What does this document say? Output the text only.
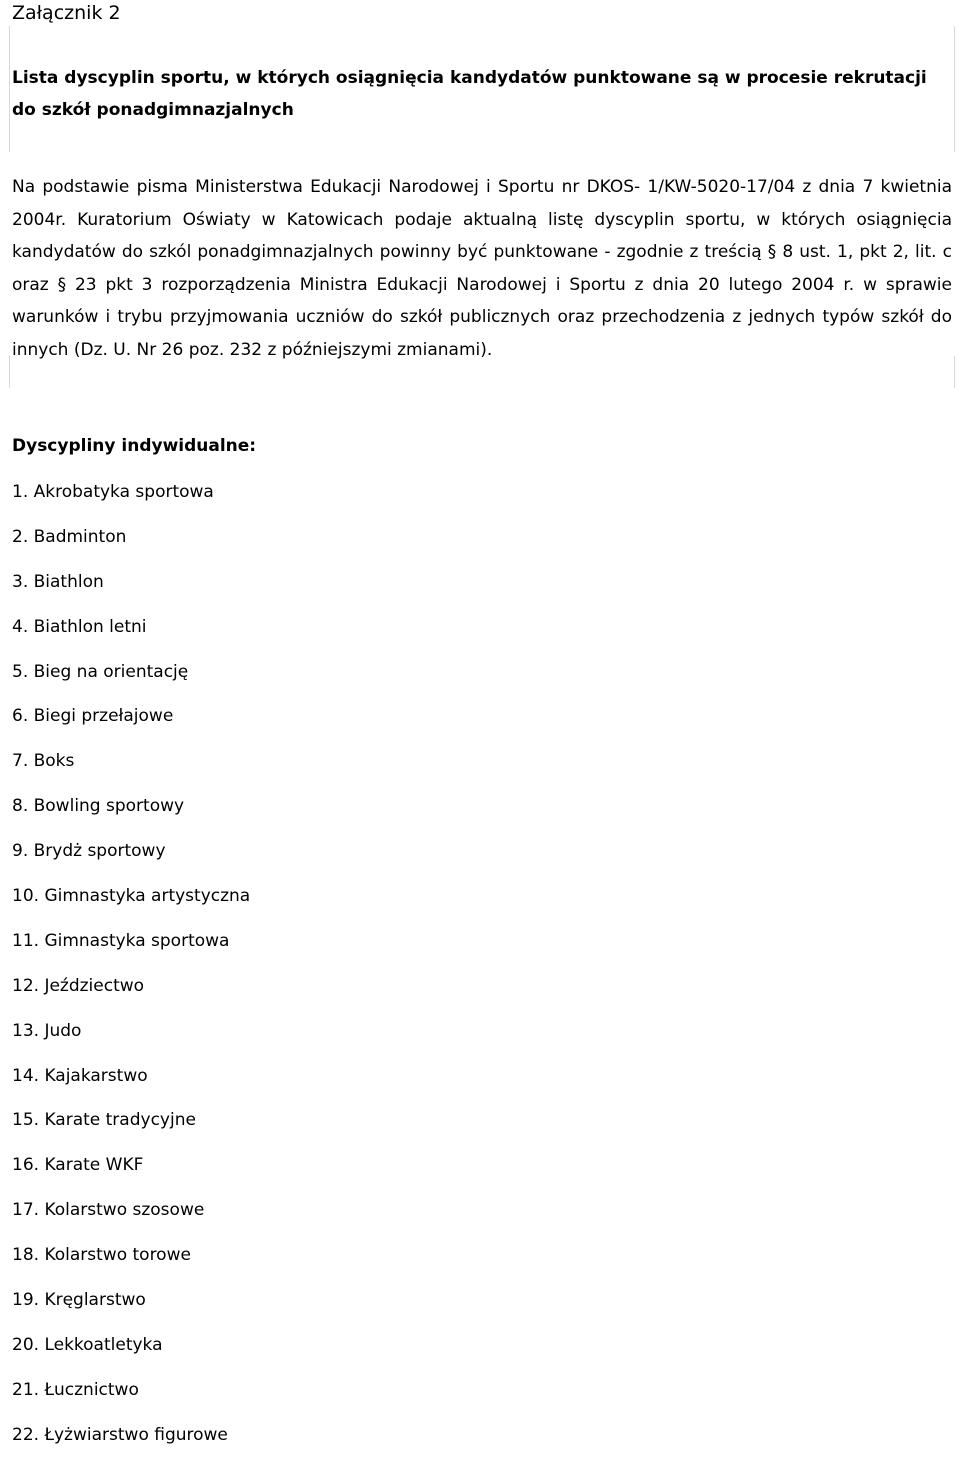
Załącznik 2
Lista dyscyplin sportu, w których osiągnięcia kandydatów punktowane są w procesie rekrutacji do szkół ponadgimnazjalnych
Na podstawie pisma Ministerstwa Edukacji Narodowej i Sportu nr DKOS- 1/KW-5020-17/04 z dnia 7 kwietnia 2004r. Kuratorium Oświaty w Katowicach podaje aktualną listę dyscyplin sportu, w których osiągnięcia kandydatów do szkól ponadgimnazjalnych powinny być punktowane - zgodnie z treścią § 8 ust. 1, pkt 2, lit. c oraz § 23 pkt 3 rozporządzenia Ministra Edukacji Narodowej i Sportu z dnia 20 lutego 2004 r. w sprawie warunków i trybu przyjmowania uczniów do szkół publicznych oraz przechodzenia z jednych typów szkół do innych (Dz. U. Nr 26 poz. 232 z późniejszymi zmianami).
Dyscypliny indywidualne:
1. Akrobatyka sportowa
2. Badminton
3. Biathlon
4. Biathlon letni
5. Bieg na orientację
6. Biegi przełajowe
7. Boks
8. Bowling sportowy
9. Brydż sportowy
10. Gimnastyka artystyczna
11. Gimnastyka sportowa
12. Jeździectwo
13. Judo
14. Kajakarstwo
15. Karate tradycyjne
16. Karate WKF
17. Kolarstwo szosowe
18. Kolarstwo torowe
19. Kręglarstwo
20. Lekkoatletyka
21. Łucznictwo
22. Łyżwiarstwo figurowe
